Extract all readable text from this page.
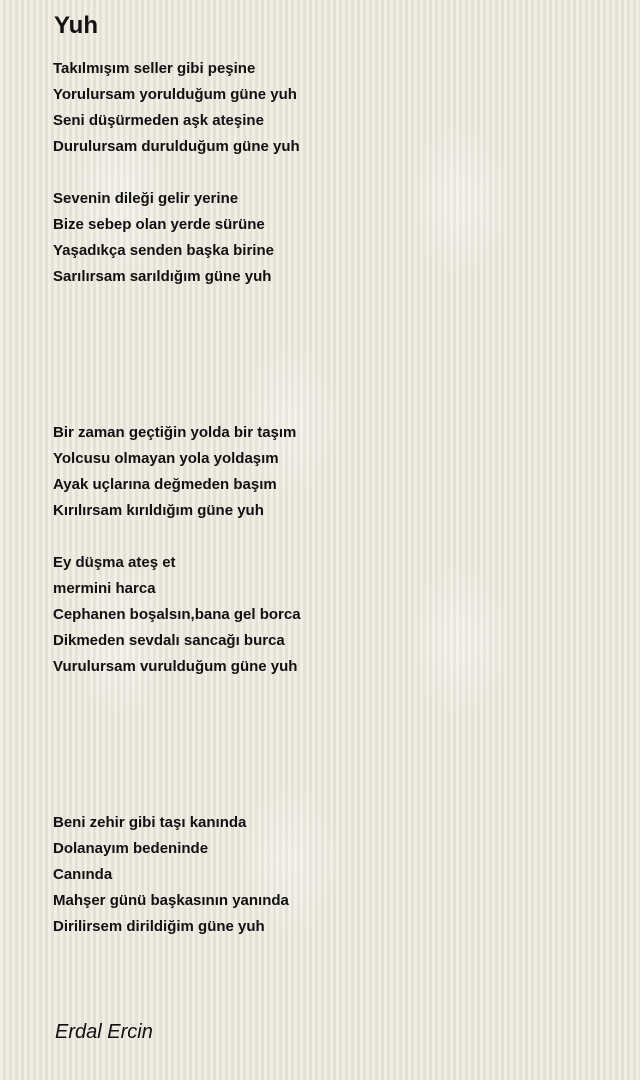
Yuh
Takılmışım seller gibi peşine
Yorulursam yorulduğum güne yuh
Seni düşürmeden aşk ateşine
Durulursam durulduğum güne yuh
Sevenin dileği gelir yerine
Bize sebep olan yerde sürüne
Yaşadıkça senden başka birine
Sarılırsam sarıldığım güne yuh
Bir zaman geçtiğin yolda bir taşım
Yolcusu olmayan yola yoldaşım
Ayak uçlarına değmeden başım
Kırılırsam kırıldığım güne yuh
Ey düşma ateş et
mermini harca
Cephanen boşalsın,bana gel borca
Dikmeden sevdalı sancağı burca
Vurulursam vurulduğum güne yuh
Beni zehir gibi taşı kanında
Dolanayım bedeninde
Canında
Mahşer günü başkasının yanında
Dirilirsem dirildiğim güne yuh
Erdal Ercin
